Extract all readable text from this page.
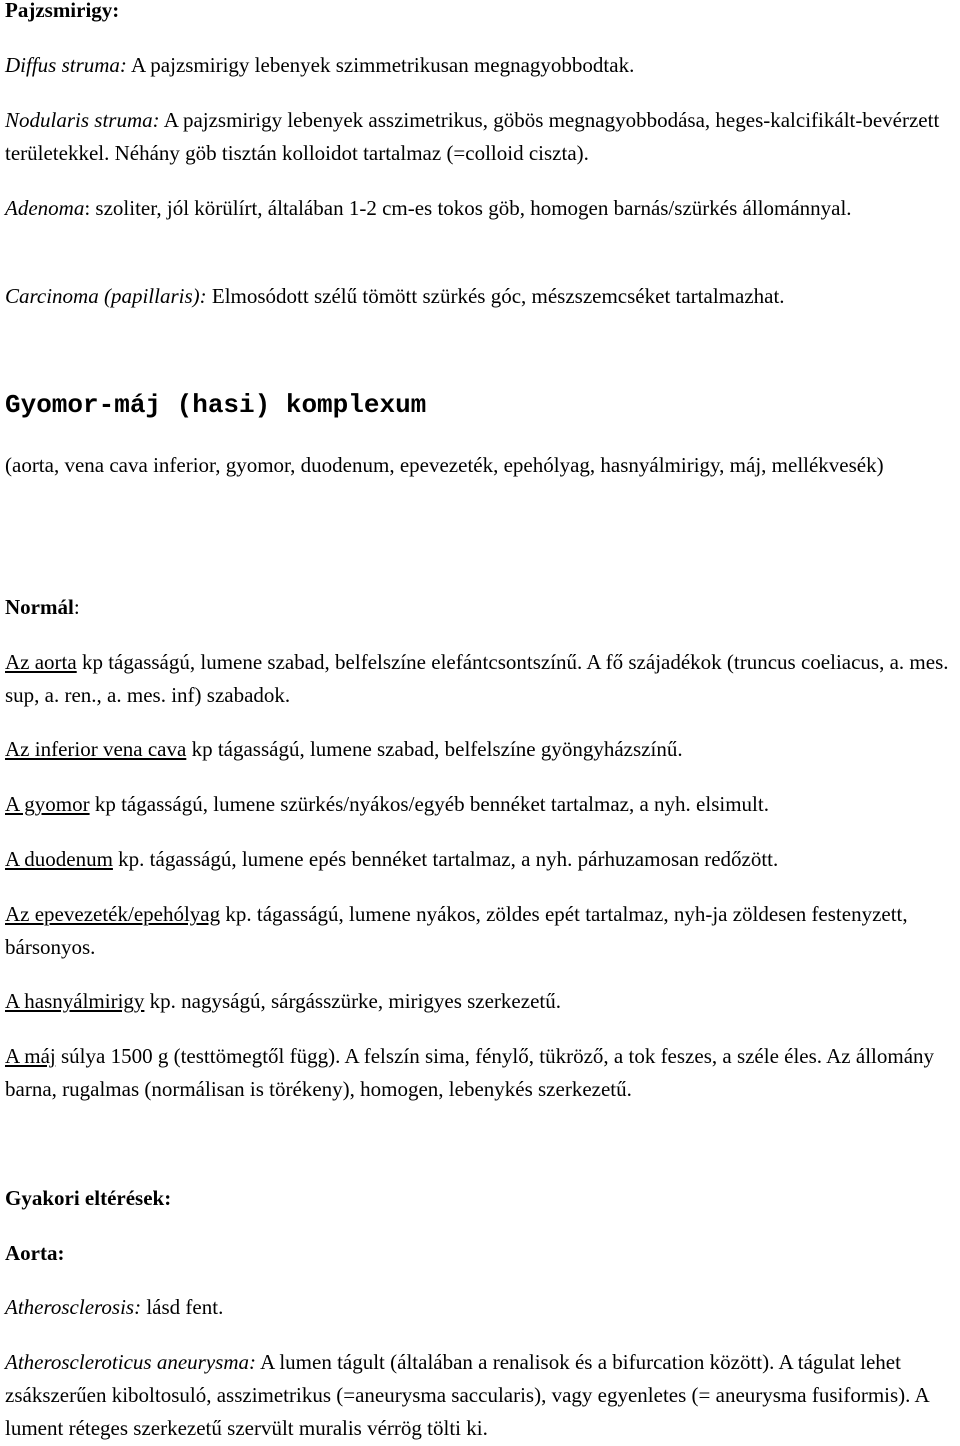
Pajzsmirigy:

Diffus struma: A pajzsmirigy lebenyek szimmetrikusan megnagyobbodtak.

Nodularis struma: A pajzsmirigy lebenyek asszimetrikus, göbös megnagyobbodása, heges-kalcifikált-bevérzett területekkel. Néhány göb tisztán kolloidot tartalmaz (=colloid ciszta).

Adenoma: szoliter, jól körülírt, általában 1-2 cm-es tokos göb, homogen barnás/szürkés állománnyal.

Carcinoma (papillaris): Elmosódott szélű tömött szürkés góc, mészszemcséket tartalmazhat.

Gyomor-máj (hasi) komplexum

(aorta, vena cava inferior, gyomor, duodenum, epevezeték, epehólyag, hasnyálmirigy, máj, mellékvesék)

Normál:

Az aorta kp tágasságú, lumene szabad, belfelszíne elefántcsontszínű. A fő szájadékok (truncus coeliacus, a. mes. sup, a. ren., a. mes. inf) szabadok.

Az inferior vena cava kp tágasságú, lumene szabad, belfelszíne gyöngyházszínű.

A gyomor kp tágasságú, lumene szürkés/nyákos/egyéb bennéket tartalmaz, a nyh. elsimult.

A duodenum kp. tágasságú, lumene epés bennéket tartalmaz, a nyh. párhuzamosan redőzött.

Az epevezeték/epehólyag kp. tágasságú, lumene nyákos, zöldes epét tartalmaz, nyh-ja zöldesen festenyzett, bársonyos.

A hasnyálmirigy kp. nagyságú, sárgásszürke, mirigyes szerkezetű.

A máj súlya 1500 g (testtömegtől függ). A felszín sima, fénylő, tükröző, a tok feszes, a széle éles. Az állomány barna, rugalmas (normálisan is törékeny), homogen, lebenykés szerkezetű.

Gyakori eltérések:
Aorta:

Atherosclerosis: lásd fent.

Atheroscleroticus aneurysma: A lumen tágult (általában a renalisok és a bifurcation között). A tágulat lehet zsákszerűen kiboltosuló, asszimetrikus (=aneurysma saccularis), vagy egyenletes (= aneurysma fusiformis). A lument réteges szerkezetű szervült muralis vérrög tölti ki.
